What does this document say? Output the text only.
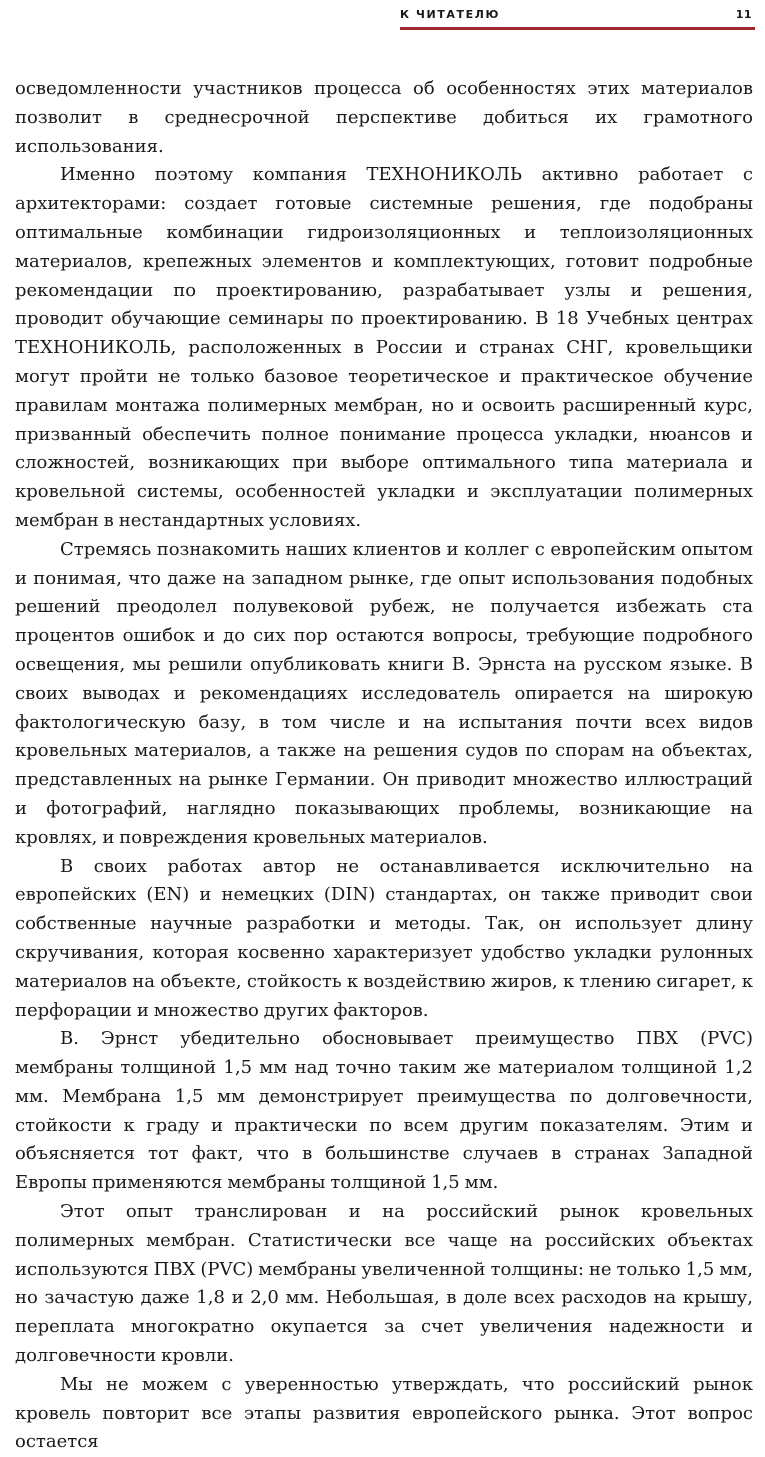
К ЧИТАТЕЛЮ	11

осведомленности участников процесса об особенностях этих материалов позволит в среднесрочной перспективе добиться их грамотного использования.

Именно поэтому компания ТЕХНОНИКОЛЬ активно работает с архитекторами: создает готовые системные решения, где подобраны оптимальные комбинации гидроизоляционных и теплоизоляционных материалов, крепежных элементов и комплектующих, готовит подробные рекомендации по проектированию, разрабатывает узлы и решения, проводит обучающие семинары по проектированию. В 18 Учебных центрах ТЕХНОНИКОЛЬ, расположенных в России и странах СНГ, кровельщики могут пройти не только базовое теоретическое и практическое обучение правилам монтажа полимерных мембран, но и освоить расширенный курс, призванный обеспечить полное понимание процесса укладки, нюансов и сложностей, возникающих при выборе оптимального типа материала и кровельной системы, особенностей укладки и эксплуатации полимерных мембран в нестандартных условиях.

Стремясь познакомить наших клиентов и коллег с европейским опытом и понимая, что даже на западном рынке, где опыт использования подобных решений преодолел полувековой рубеж, не получается избежать ста процентов ошибок и до сих пор остаются вопросы, требующие подробного освещения, мы решили опубликовать книги В. Эрнста на русском языке. В своих выводах и рекомендациях исследователь опирается на широкую фактологическую базу, в том числе и на испытания почти всех видов кровельных материалов, а также на решения судов по спорам на объектах, представленных на рынке Германии. Он приводит множество иллюстраций и фотографий, наглядно показывающих проблемы, возникающие на кровлях, и повреждения кровельных материалов.

В своих работах автор не останавливается исключительно на европейских (EN) и немецких (DIN) стандартах, он также приводит свои собственные научные разработки и методы. Так, он использует длину скручивания, которая косвенно характеризует удобство укладки рулонных материалов на объекте, стойкость к воздействию жиров, к тлению сигарет, к перфорации и множество других факторов.

В. Эрнст убедительно обосновывает преимущество ПВХ (PVC) мембраны толщиной 1,5 мм над точно таким же материалом толщиной 1,2 мм. Мембрана 1,5 мм демонстрирует преимущества по долговечности, стойкости к граду и практически по всем другим показателям. Этим и объясняется тот факт, что в большинстве случаев в странах Западной Европы применяются мембраны толщиной 1,5 мм.

Этот опыт транслирован и на российский рынок кровельных полимерных мембран. Статистически все чаще на российских объектах используются ПВХ (PVC) мембраны увеличенной толщины: не только 1,5 мм, но зачастую даже 1,8 и 2,0 мм. Небольшая, в доле всех расходов на крышу, переплата многократно окупается за счет увеличения надежности и долговечности кровли.

Мы не можем с уверенностью утверждать, что российский рынок кровель повторит все этапы развития европейского рынка. Этот вопрос остается
